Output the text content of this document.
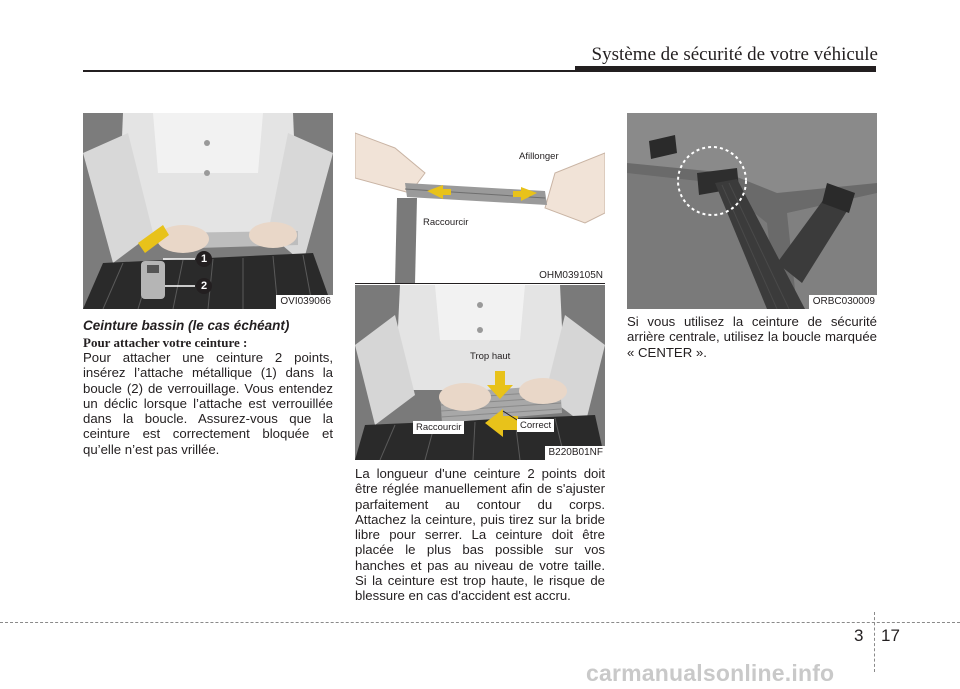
Système de sécurité de votre véhicule
1
2
OVI039066
Afillonger
Raccourcir
OHM039105N
Trop haut
Raccourcir	Correct
B220B01NF
ORBC030009
Ceinture bassin (le cas échéant)
Pour attacher votre ceinture :
Pour attacher une ceinture 2 points, insérez l’attache métallique (1) dans la boucle (2) de verrouillage. Vous entendez un déclic lorsque l’attache est verrouillée dans la boucle. Assurez-vous que la ceinture est correctement bloquée et qu’elle n’est pas vrillée.
La longueur d'une ceinture 2 points doit être réglée manuellement afin de s'ajuster parfaitement au contour du corps. Attachez la ceinture, puis tirez sur la bride libre pour serrer. La ceinture doit être placée le plus bas possible sur vos hanches et pas au niveau de votre taille. Si la ceinture est trop haute, le risque de blessure en cas d'accident est accru.
Si vous utilisez la ceinture de sécurité arrière centrale, utilisez la boucle marquée « CENTER ».
3 17
carmanualsonline.info
